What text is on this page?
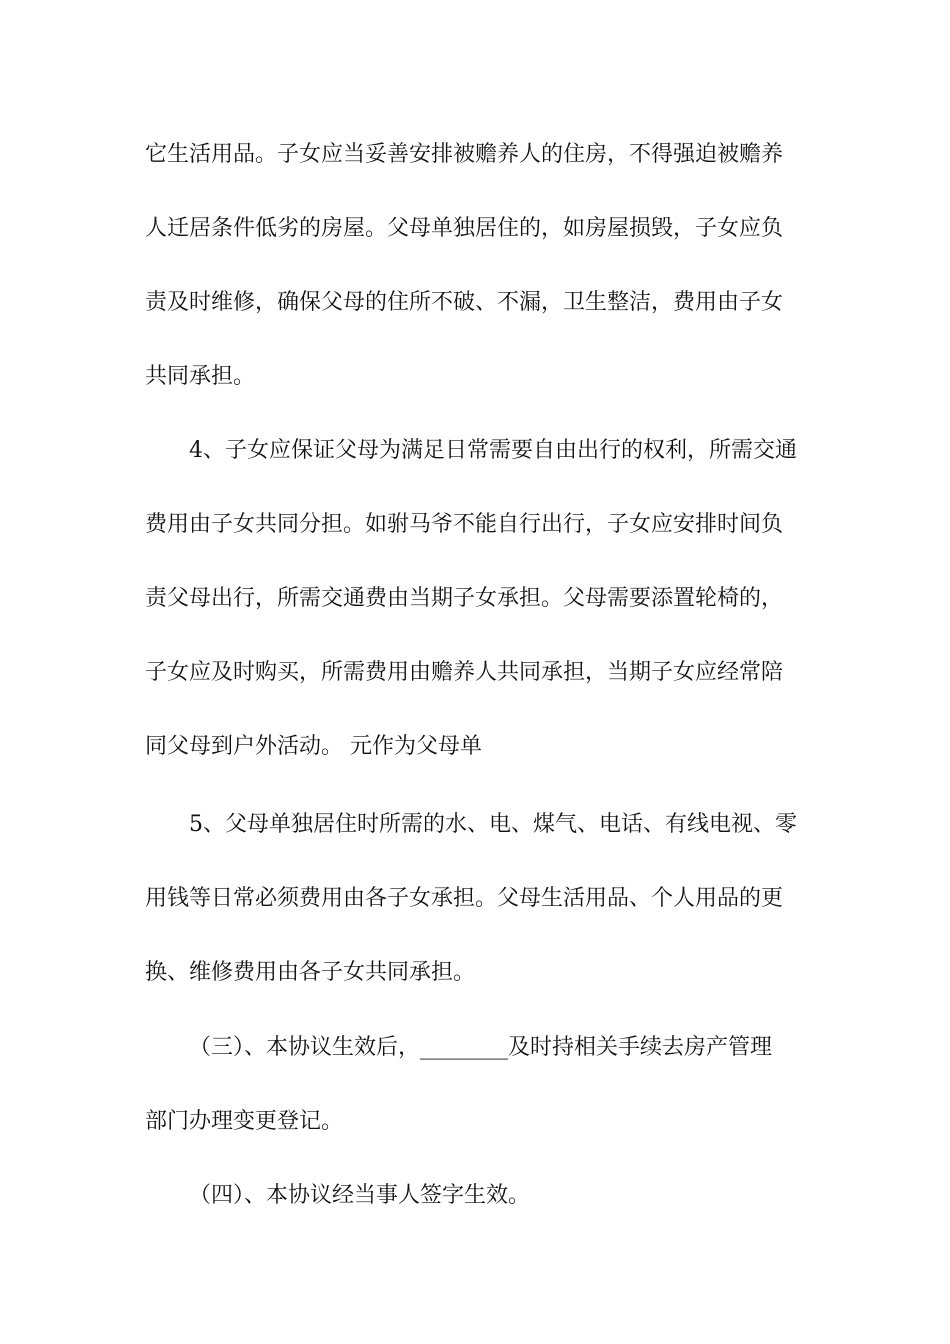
它生活用品。子女应当妥善安排被赡养人的住房，不得强迫被赡养
人迁居条件低劣的房屋。父母单独居住的，如房屋损毁，子女应负
责及时维修，确保父母的住所不破、不漏，卫生整洁，费用由子女
共同承担。
4、子女应保证父母为满足日常需要自由出行的权利，所需交通
费用由子女共同分担。如驸马爷不能自行出行，子女应安排时间负
责父母出行，所需交通费由当期子女承担。父母需要添置轮椅的，
子女应及时购买，所需费用由赡养人共同承担，当期子女应经常陪
同父母到户外活动。 元作为父母单
5、父母单独居住时所需的水、电、煤气、电话、有线电视、零
用钱等日常必须费用由各子女承担。父母生活用品、个人用品的更
换、维修费用由各子女共同承担。
（三）、本协议生效后，________及时持相关手续去房产管理
部门办理变更登记。
（四）、本协议经当事人签字生效。
